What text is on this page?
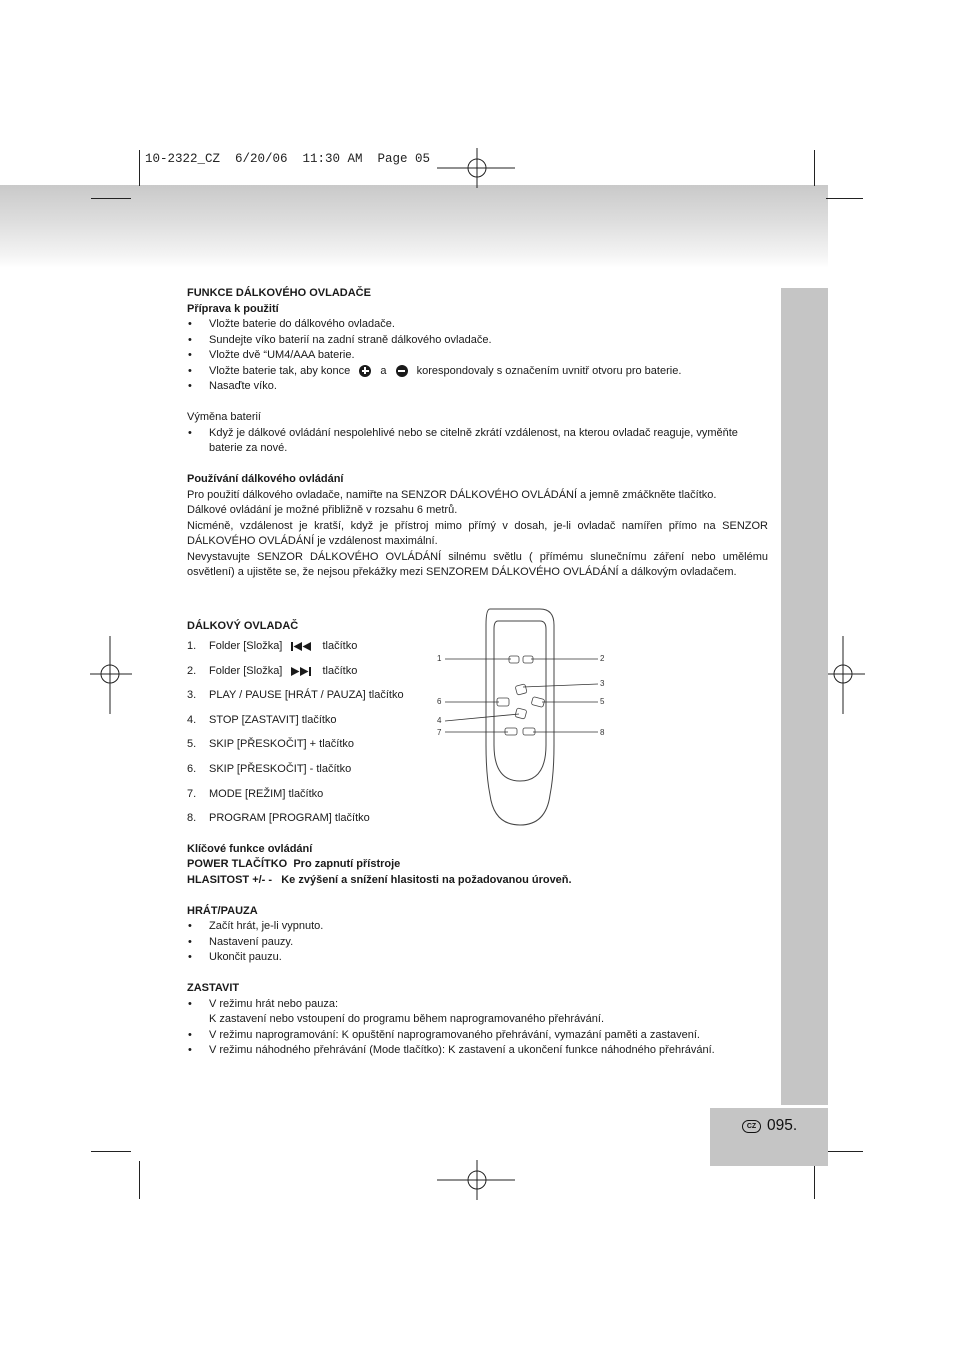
10-2322_CZ  6/20/06  11:30 AM  Page 05
CZ 095.

FUNKCE DÁLKOVÉHO OVLADAČE

Příprava k použití

• Vložte baterie do dálkového ovladače.
• Sundejte víko baterií na zadní straně dálkového ovladače.
• Vložte dvě “UM4/AAA baterie.
• Vložte baterie tak, aby konce	a	korespondovaly s označením uvnitř otvoru pro baterie.
• Nasaďte víko.

Výměna baterií

• Když je dálkové ovládání nespolehlivé nebo se citelně zkrátí vzdálenost, na kterou ovladač reaguje, vyměňte baterie za nové.

Používání dálkového ovládání

Pro použití dálkového ovladače, namiřte na SENZOR DÁLKOVÉHO OVLÁDÁNÍ a jemně zmáčkněte tlačítko.

Dálkové ovládání je možné přibližně v rozsahu 6 metrů.

Nicméně, vzdálenost je kratší, když je přístroj mimo přímý v dosah, je-li ovladač namířen přímo na SENZOR DÁLKOVÉHO OVLÁDÁNÍ je vzdálenost maximální.

Nevystavujte SENZOR DÁLKOVÉHO OVLÁDÁNÍ silnému světlu ( přímému slunečnímu záření nebo umělému osvětlení) a ujistěte se, že nejsou překážky mezi SENZOREM DÁLKOVÉHO OVLÁDÁNÍ a dálkovým ovladačem.

DÁLKOVÝ OVLADAČ

1. Folder [Složka]	tlačítko
2. Folder [Složka]	tlačítko
3. PLAY / PAUSE [HRÁT / PAUZA] tlačítko
4. STOP [ZASTAVIT] tlačítko
5. SKIP [PŘESKOČIT] + tlačítko
6. SKIP [PŘESKOČIT] - tlačítko
7. MODE [REŽIM] tlačítko
8. PROGRAM [PROGRAM] tlačítko

Klíčové funkce ovládání

POWER TLAČÍTKO Pro zapnutí přístroje

HLASITOST +/- - Ke zvýšení a snížení hlasitosti na požadovanou úroveň.

HRÁT/PAUZA

• Začít hrát, je-li vypnuto.
• Nastavení pauzy.
• Ukončit pauzu.

ZASTAVIT

• V režimu hrát nebo pauza:
K zastavení nebo vstoupení do programu během naprogramovaného přehrávání.
• V režimu naprogramování: K opuštění naprogramovaného přehrávání, vymazání paměti a zastavení.
• V režimu náhodného přehrávání (Mode tlačítko): K zastavení a ukončení funkce náhodného přehrávání.
1	2
3
5
6
4
7	8
